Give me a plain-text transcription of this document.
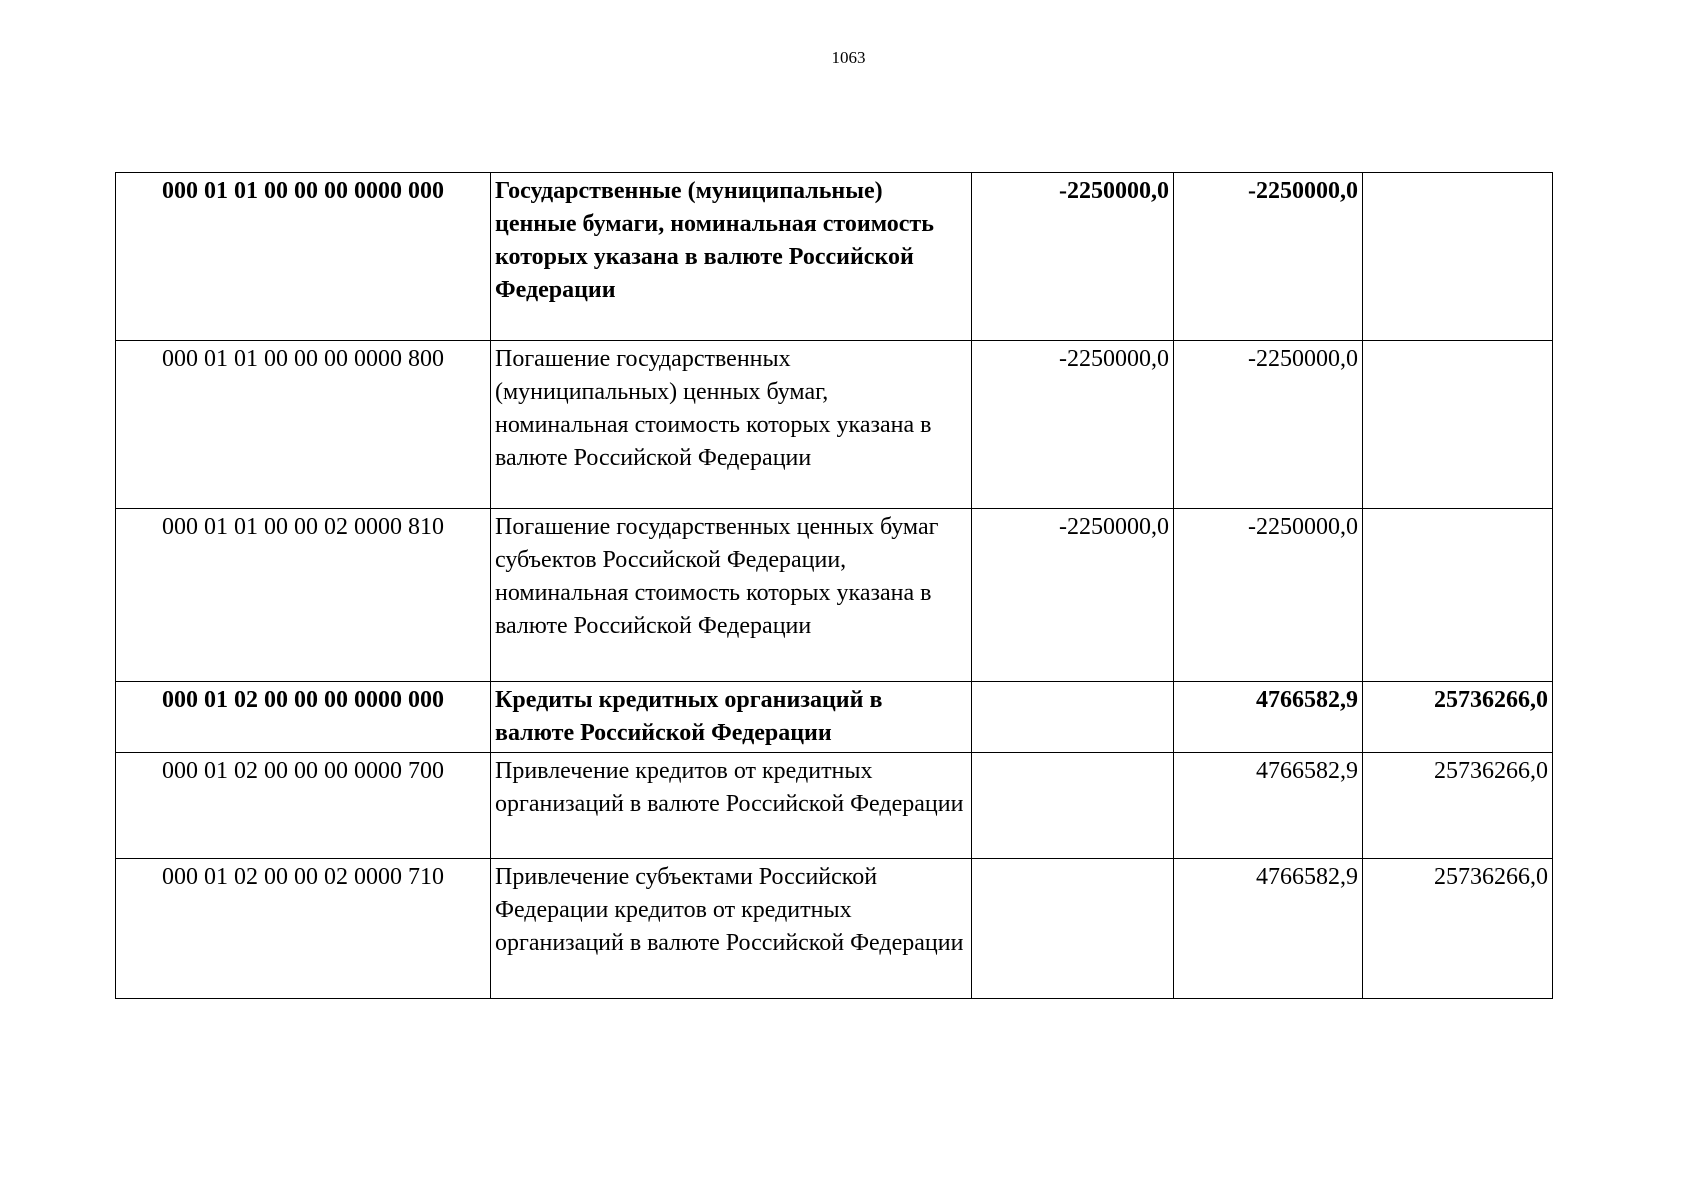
1063
000 01 01 00 00 00 0000 000	Государственные (муниципальные) ценные бумаги, номинальная стоимость которых указана в валюте Российской Федерации	-2250000,0	-2250000,0	
000 01 01 00 00 00 0000 800	Погашение государственных (муниципальных) ценных бумаг, номинальная стоимость которых указана в валюте Российской Федерации	-2250000,0	-2250000,0	
000 01 01 00 00 02 0000 810	Погашение государственных ценных бумаг субъектов Российской Федерации, номинальная стоимость которых указана в валюте Российской Федерации	-2250000,0	-2250000,0	
000 01 02 00 00 00 0000 000	Кредиты кредитных организаций в валюте Российской Федерации		4766582,9	25736266,0
000 01 02 00 00 00 0000 700	Привлечение кредитов от кредитных организаций в валюте Российской Федерации		4766582,9	25736266,0
000 01 02 00 00 02 0000 710	Привлечение субъектами Российской Федерации кредитов от кредитных организаций в валюте Российской Федерации		4766582,9	25736266,0
